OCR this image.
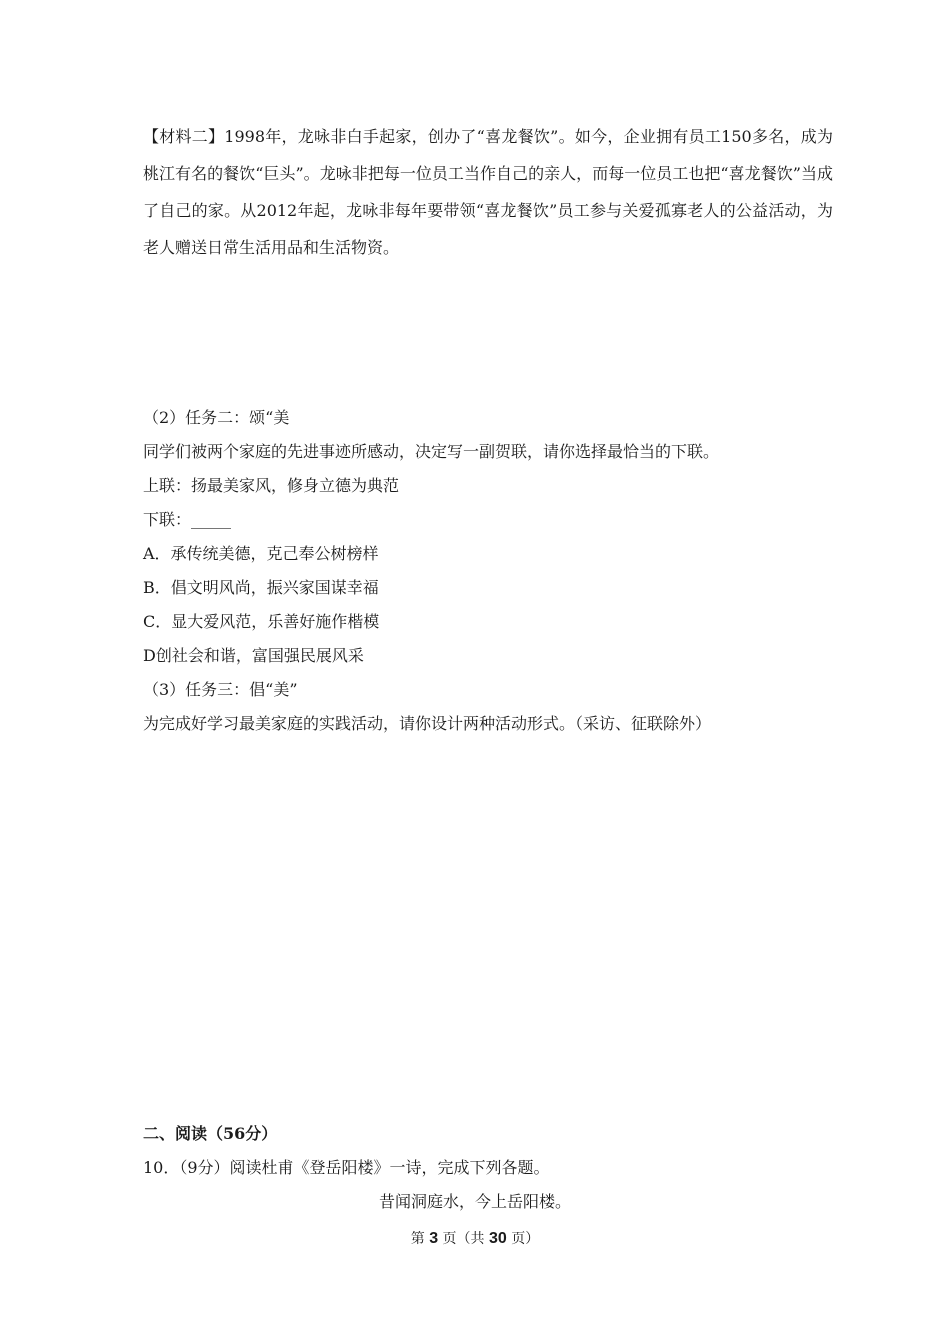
【材料二】1998年，龙咏非白手起家，创办了“喜龙餐饮”。如今，企业拥有员工150多名，成为桃江有名的餐饮“巨头”。龙咏非把每一位员工当作自己的亲人，而每一位员工也把“喜龙餐饮”当成了自己的家。从2012年起，龙咏非每年要带领“喜龙餐饮”员工参与关爱孤寡老人的公益活动，为老人赠送日常生活用品和生活物资。
（2）任务二：颂“美
同学们被两个家庭的先进事迹所感动，决定写一副贺联，请你选择最恰当的下联。
上联：扬最美家风，修身立德为典范
下联：_____
A．承传统美德，克己奉公树榜样
B．倡文明风尚，振兴家国谋幸福
C．显大爱风范，乐善好施作楷模
D创社会和谐，富国强民展风采
（3）任务三：倡“美”
为完成好学习最美家庭的实践活动，请你设计两种活动形式。（采访、征联除外）
二、阅读（56分）
10．（9分）阅读杜甫《登岳阳楼》一诗，完成下列各题。
昔闻洞庭水，今上岳阳楼。
第 3 页（共 30 页）
